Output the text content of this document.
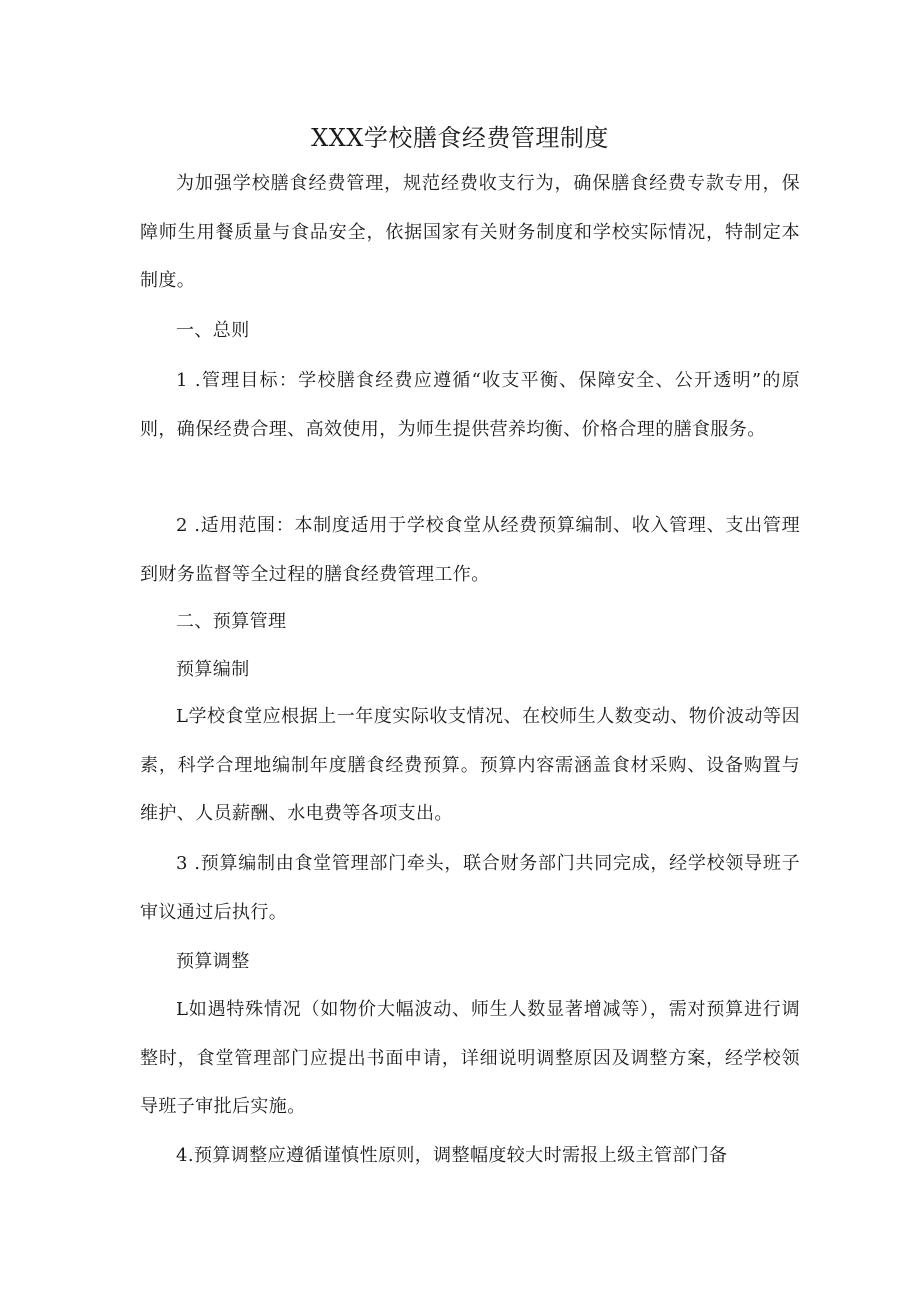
XXX学校膳食经费管理制度
为加强学校膳食经费管理，规范经费收支行为，确保膳食经费专款专用，保障师生用餐质量与食品安全，依据国家有关财务制度和学校实际情况，特制定本制度。
一、总则
1 .管理目标：学校膳食经费应遵循“收支平衡、保障安全、公开透明”的原则，确保经费合理、高效使用，为师生提供营养均衡、价格合理的膳食服务。
2 .适用范围：本制度适用于学校食堂从经费预算编制、收入管理、支出管理到财务监督等全过程的膳食经费管理工作。
二、预算管理
预算编制
L学校食堂应根据上一年度实际收支情况、在校师生人数变动、物价波动等因素，科学合理地编制年度膳食经费预算。预算内容需涵盖食材采购、设备购置与维护、人员薪酬、水电费等各项支出。
3 .预算编制由食堂管理部门牵头，联合财务部门共同完成，经学校领导班子审议通过后执行。
预算调整
L如遇特殊情况（如物价大幅波动、师生人数显著增减等），需对预算进行调整时，食堂管理部门应提出书面申请，详细说明调整原因及调整方案，经学校领导班子审批后实施。
4.预算调整应遵循谨慎性原则，调整幅度较大时需报上级主管部门备
